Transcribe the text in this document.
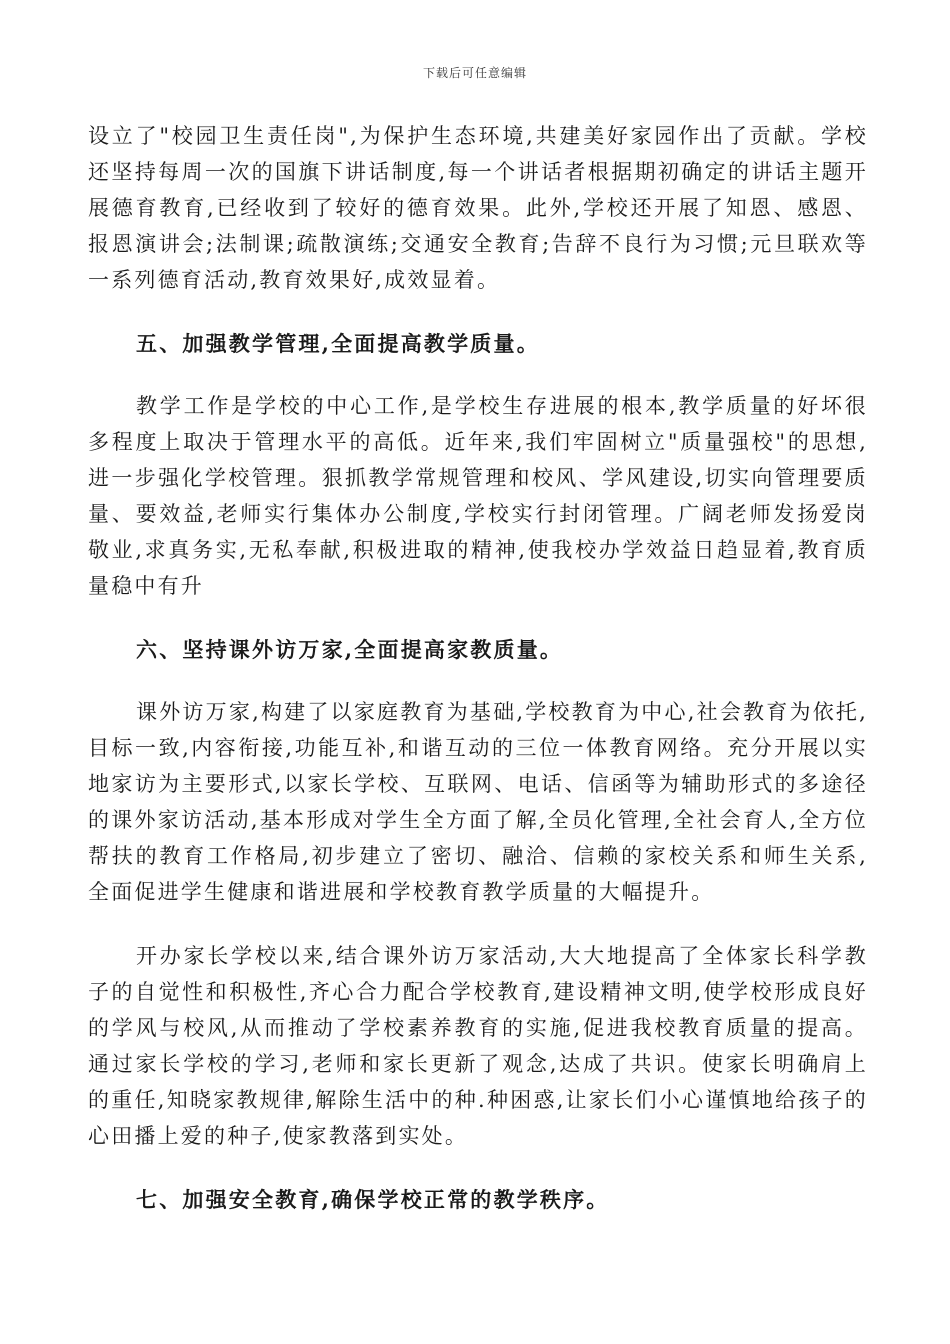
下载后可任意编辑

设立了"校园卫生责任岗",为保护生态环境,共建美好家园作出了贡献。学校还坚持每周一次的国旗下讲话制度,每一个讲话者根据期初确定的讲话主题开展德育教育,已经收到了较好的德育效果。此外,学校还开展了知恩、感恩、报恩演讲会;法制课;疏散演练;交通安全教育;告辞不良行为习惯;元旦联欢等一系列德育活动,教育效果好,成效显着。

五、加强教学管理,全面提高教学质量。

教学工作是学校的中心工作,是学校生存进展的根本,教学质量的好坏很多程度上取决于管理水平的高低。近年来,我们牢固树立"质量强校"的思想,进一步强化学校管理。狠抓教学常规管理和校风、学风建设,切实向管理要质量、要效益,老师实行集体办公制度,学校实行封闭管理。广阔老师发扬爱岗敬业,求真务实,无私奉献,积极进取的精神,使我校办学效益日趋显着,教育质量稳中有升

六、坚持课外访万家,全面提高家教质量。

课外访万家,构建了以家庭教育为基础,学校教育为中心,社会教育为依托,目标一致,内容衔接,功能互补,和谐互动的三位一体教育网络。充分开展以实地家访为主要形式,以家长学校、互联网、电话、信函等为辅助形式的多途径的课外家访活动,基本形成对学生全方面了解,全员化管理,全社会育人,全方位帮扶的教育工作格局,初步建立了密切、融洽、信赖的家校关系和师生关系,全面促进学生健康和谐进展和学校教育教学质量的大幅提升。

开办家长学校以来,结合课外访万家活动,大大地提高了全体家长科学教子的自觉性和积极性,齐心合力配合学校教育,建设精神文明,使学校形成良好的学风与校风,从而推动了学校素养教育的实施,促进我校教育质量的提高。通过家长学校的学习,老师和家长更新了观念,达成了共识。使家长明确肩上的重任,知晓家教规律,解除生活中的种.种困惑,让家长们小心谨慎地给孩子的心田播上爱的种子,使家教落到实处。

七、加强安全教育,确保学校正常的教学秩序。
